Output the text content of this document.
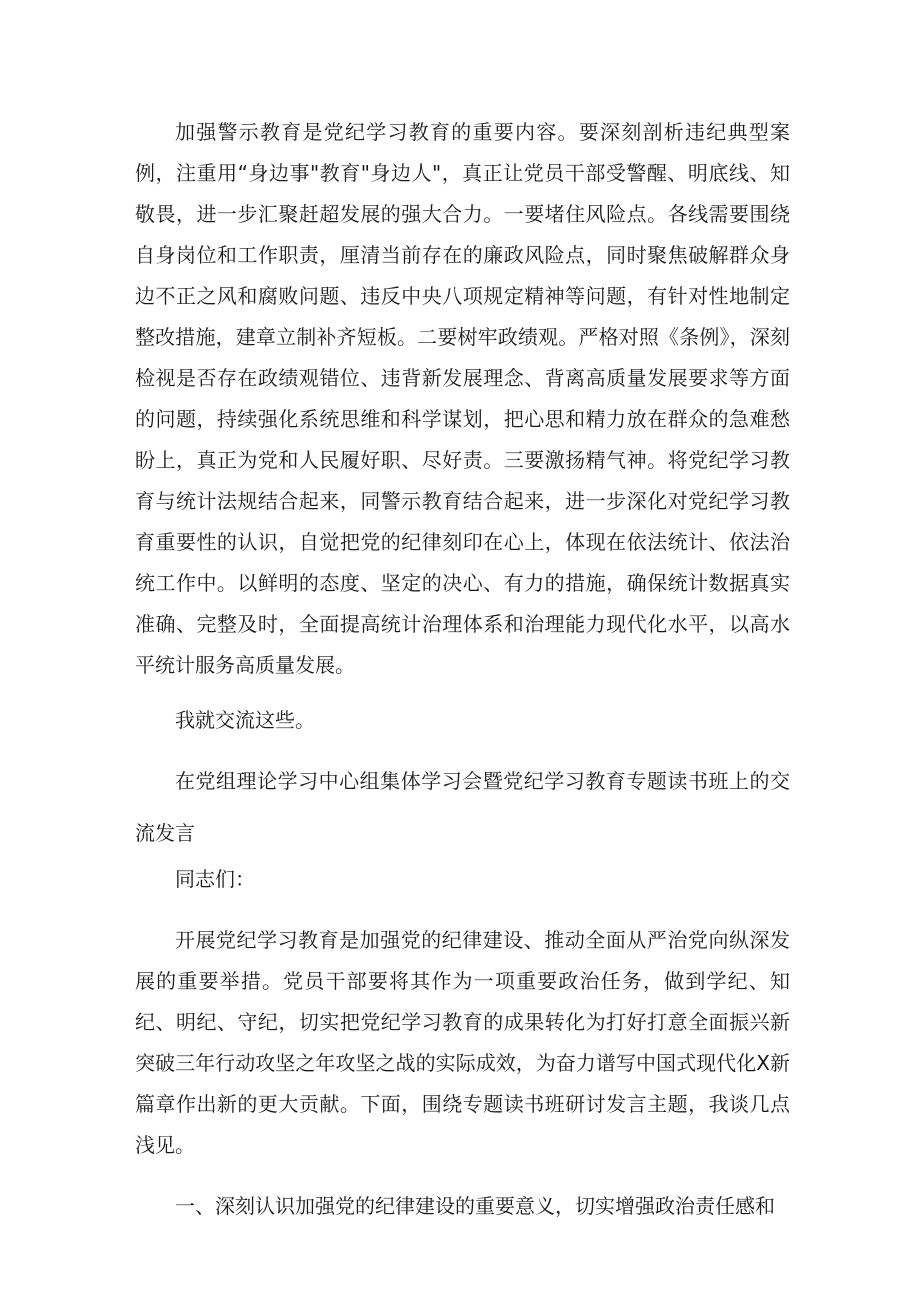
加强警示教育是党纪学习教育的重要内容。要深刻剖析违纪典型案例，注重用“身边事"教育"身边人"，真正让党员干部受警醒、明底线、知敬畏，进一步汇聚赶超发展的强大合力。一要堵住风险点。各线需要围绕自身岗位和工作职责，厘清当前存在的廉政风险点，同时聚焦破解群众身边不正之风和腐败问题、违反中央八项规定精神等问题，有针对性地制定整改措施，建章立制补齐短板。二要树牢政绩观。严格对照《条例》，深刻检视是否存在政绩观错位、违背新发展理念、背离高质量发展要求等方面的问题，持续强化系统思维和科学谋划，把心思和精力放在群众的急难愁盼上，真正为党和人民履好职、尽好责。三要激扬精气神。将党纪学习教育与统计法规结合起来，同警示教育结合起来，进一步深化对党纪学习教育重要性的认识，自觉把党的纪律刻印在心上，体现在依法统计、依法治统工作中。以鲜明的态度、坚定的决心、有力的措施，确保统计数据真实准确、完整及时，全面提高统计治理体系和治理能力现代化水平，以高水平统计服务高质量发展。

我就交流这些。

在党组理论学习中心组集体学习会暨党纪学习教育专题读书班上的交流发言

同志们：

开展党纪学习教育是加强党的纪律建设、推动全面从严治党向纵深发展的重要举措。党员干部要将其作为一项重要政治任务，做到学纪、知纪、明纪、守纪，切实把党纪学习教育的成果转化为打好打意全面振兴新突破三年行动攻坚之年攻坚之战的实际成效，为奋力谱写中国式现代化X新篇章作出新的更大贡献。下面，围绕专题读书班研讨发言主题，我谈几点浅见。

一、深刻认识加强党的纪律建设的重要意义，切实增强政治责任感和
